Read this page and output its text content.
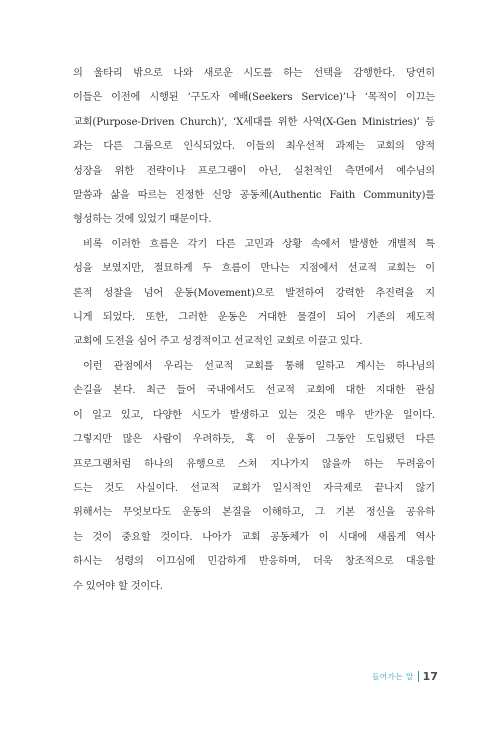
의 울타리 밖으로 나와 새로운 시도를 하는 선택을 감행한다. 당연히
이들은 이전에 시행된 ‘구도자 예배(Seekers Service)’나 ‘목적이 이끄는
교회(Purpose-Driven Church)’, ‘X세대를 위한 사역(X-Gen Ministries)’ 등
과는 다른 그룹으로 인식되었다. 이들의 최우선적 과제는 교회의 양적
성장을 위한 전략이나 프로그램이 아닌, 실천적인 측면에서 예수님의
말씀과 삶을 따르는 진정한 신앙 공동체(Authentic Faith Community)를
형성하는 것에 있었기 때문이다.

비록 이러한 흐름은 각기 다른 고민과 상황 속에서 발생한 개별적 특
성을 보였지만, 절묘하게 두 흐름이 만나는 지점에서 선교적 교회는 이
론적 성찰을 넘어 운동(Movement)으로 발전하여 강력한 추진력을 지
니게 되었다. 또한, 그러한 운동은 거대한 물결이 되어 기존의 제도적
교회에 도전을 심어 주고 성경적이고 선교적인 교회로 이끌고 있다.

이런 관점에서 우리는 선교적 교회를 통해 일하고 계시는 하나님의
손길을 본다. 최근 들어 국내에서도 선교적 교회에 대한 지대한 관심
이 일고 있고, 다양한 시도가 발생하고 있는 것은 매우 반가운 일이다.
그렇지만 많은 사람이 우려하듯, 혹 이 운동이 그동안 도입됐던 다른
프로그램처럼 하나의 유행으로 스쳐 지나가지 않을까 하는 두려움이
드는 것도 사실이다. 선교적 교회가 일시적인 자극제로 끝나지 않기
위해서는 무엇보다도 운동의 본질을 이해하고, 그 기본 정신을 공유하
는 것이 중요할 것이다. 나아가 교회 공동체가 이 시대에 새롭게 역사
하시는 성령의 이끄심에 민감하게 반응하며, 더욱 창조적으로 대응할
수 있어야 할 것이다.

들어가는 말 17
